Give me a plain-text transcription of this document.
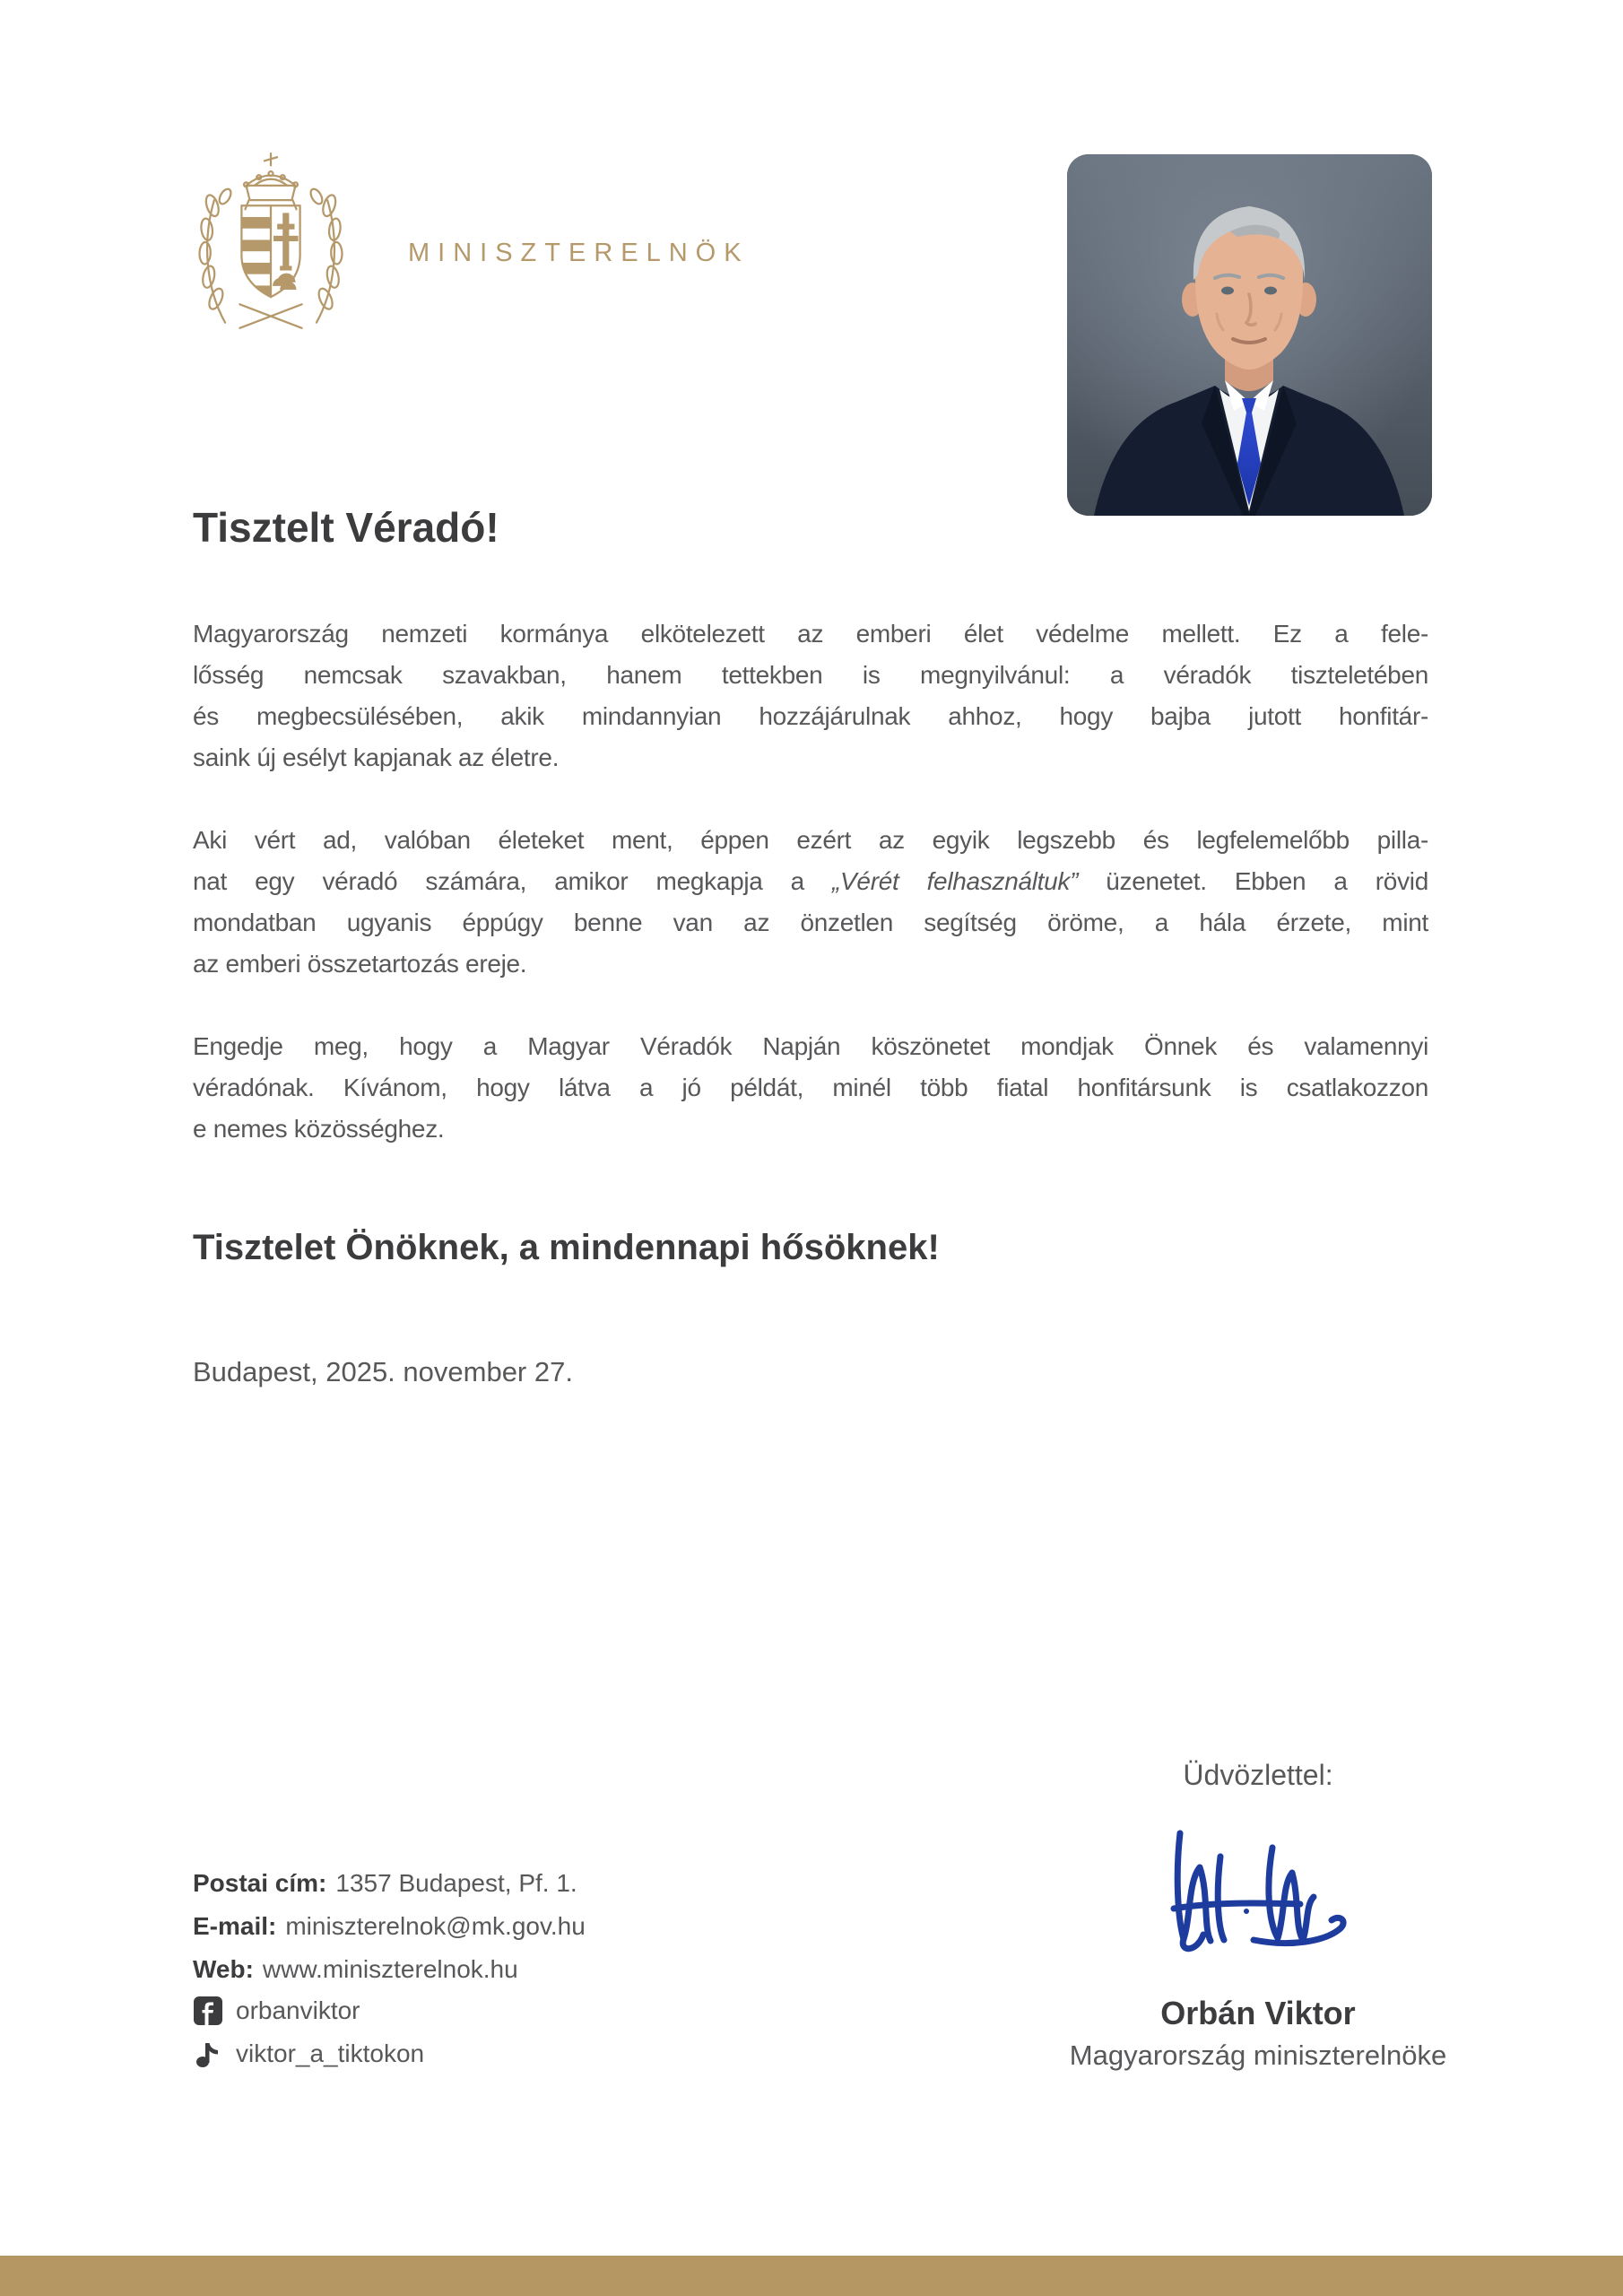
MINISZTERELNÖK
Tisztelt Véradó!
Magyarország nemzeti kormánya elkötelezett az emberi élet védelme mellett. Ez a fele-
lősség nemcsak szavakban, hanem tettekben is megnyilvánul: a véradók tiszteletében
és megbecsülésében, akik mindannyian hozzájárulnak ahhoz, hogy bajba jutott honfitár-
saink új esélyt kapjanak az életre.
Aki vért ad, valóban életeket ment, éppen ezért az egyik legszebb és legfelemelőbb pilla-
nat egy véradó számára, amikor megkapja a „Vérét felhasználtuk” üzenetet. Ebben a rövid
mondatban ugyanis éppúgy benne van az önzetlen segítség öröme, a hála érzete, mint
az emberi összetartozás ereje.
Engedje meg, hogy a Magyar Véradók Napján köszönetet mondjak Önnek és valamennyi
véradónak. Kívánom, hogy látva a jó példát, minél több fiatal honfitársunk is csatlakozzon
e nemes közösséghez.
Tisztelet Önöknek, a mindennapi hősöknek!
Budapest, 2025. november 27.
Üdvözlettel:
Orbán Viktor
Magyarország miniszterelnöke
Postai cím: 1357 Budapest, Pf. 1.
E-mail: miniszterelnok@mk.gov.hu
Web: www.miniszterelnok.hu
orbanviktor
viktor_a_tiktokon
